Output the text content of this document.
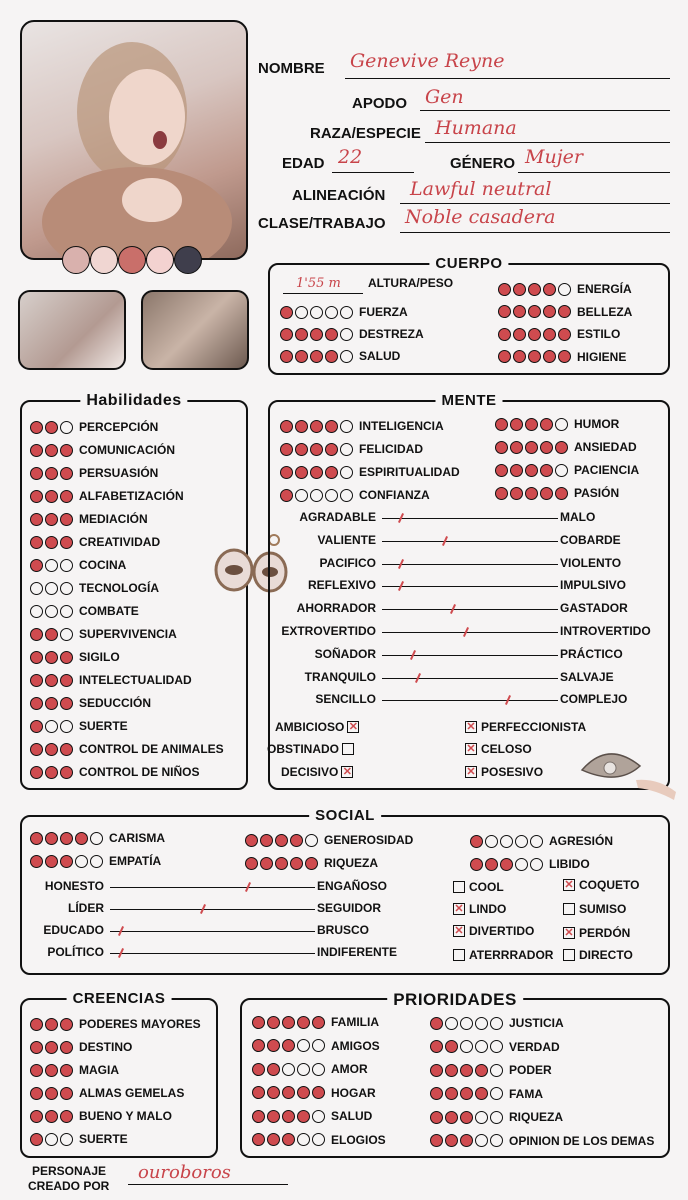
NOMBRE Genevive Reyne
APODO Gen
RAZA/ESPECIE Humana
EDAD 22	GÉNERO Mujer
ALINEACIÓN Lawful neutral
CLASE/TRABAJO Noble casadera
CUERPO
1'55 m ALTURA/PESO
FUERZA
DESTREZA
SALUD
ENERGÍA
BELLEZA
ESTILO
HIGIENE
Habilidades
PERCEPCIÓN
COMUNICACIÓN
PERSUASIÓN
ALFABETIZACIÓN
MEDIACIÓN
CREATIVIDAD
COCINA
TECNOLOGÍA
COMBATE
SUPERVIVENCIA
SIGILO
INTELECTUALIDAD
SEDUCCIÓN
SUERTE
CONTROL DE ANIMALES
CONTROL DE NIÑOS
MENTE
INTELIGENCIA
FELICIDAD
ESPIRITUALIDAD
CONFIANZA
HUMOR
ANSIEDAD
PACIENCIA
PASIÓN
AGRADABLE	MALO
VALIENTE	COBARDE
PACIFICO	VIOLENTO
REFLEXIVO	IMPULSIVO
AHORRADOR	GASTADOR
EXTROVERTIDO	INTROVERTIDO
SOÑADOR	PRÁCTICO
TRANQUILO	SALVAJE
SENCILLO	COMPLEJO
AMBICIOSO ✕
OBSTINADO
DECISIVO ✕
✕ PERFECCIONISTA
✕ CELOSO
✕ POSESIVO
SOCIAL
CARISMA
EMPATÍA
GENEROSIDAD
RIQUEZA
AGRESIÓN
LIBIDO
HONESTO	ENGAÑOSO
LÍDER	SEGUIDOR
EDUCADO	BRUSCO
POLÍTICO	INDIFERENTE
COOL	✕ COQUETO
✕ LINDO	SUMISO
✕ DIVERTIDO	✕ PERDÓN
ATERRRADOR DIRECTO
CREENCIAS
PODERES MAYORES
DESTINO
MAGIA
ALMAS GEMELAS
BUENO Y MALO
SUERTE
PRIORIDADES
FAMILIA
AMIGOS
AMOR
HOGAR
SALUD
ELOGIOS
JUSTICIA
VERDAD
PODER
FAMA
RIQUEZA
OPINION DE LOS DEMAS
PERSONAJE
CREADO POR
ouroboros
